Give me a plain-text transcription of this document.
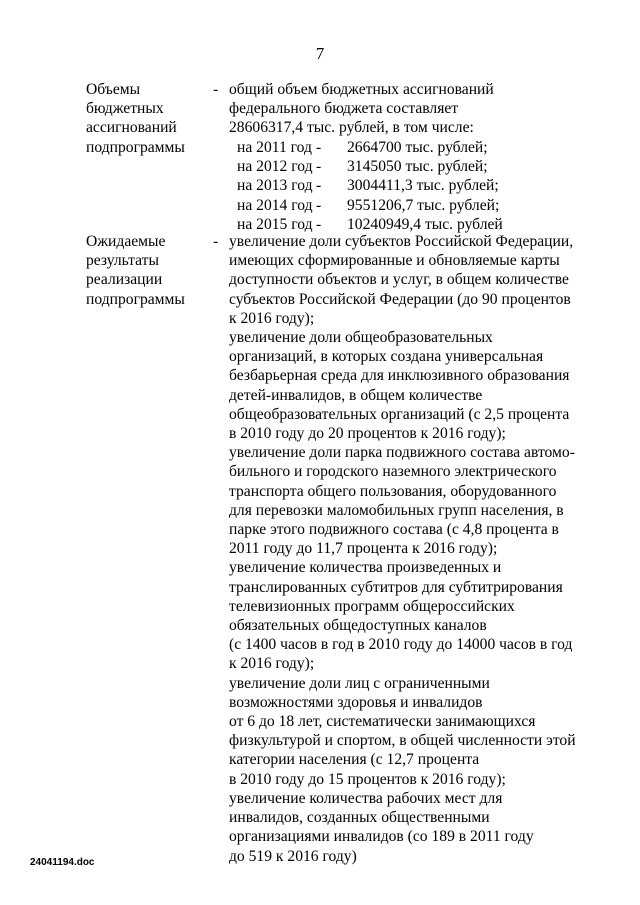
7
Объемы
бюджетных
ассигнований
подпрограммы
- общий объем бюджетных ассигнований
федерального бюджета составляет
28606317,4 тыс. рублей, в том числе:
на 2011 год - 2664700 тыс. рублей;
на 2012 год - 3145050 тыс. рублей;
на 2013 год - 3004411,3 тыс. рублей;
на 2014 год - 9551206,7 тыс. рублей;
на 2015 год - 10240949,4 тыс. рублей
Ожидаемые
результаты
реализации
подпрограммы
- увеличение доли субъектов Российской Федерации,
имеющих сформированные и обновляемые карты
доступности объектов и услуг, в общем количестве
субъектов Российской Федерации (до 90 процентов
к 2016 году);
увеличение доли общеобразовательных
организаций, в которых создана универсальная
безбарьерная среда для инклюзивного образования
детей-инвалидов, в общем количестве
общеобразовательных организаций (с 2,5 процента
в 2010 году до 20 процентов к 2016 году);
увеличение доли парка подвижного состава автомо-
бильного и городского наземного электрического
транспорта общего пользования, оборудованного
для перевозки маломобильных групп населения, в
парке этого подвижного состава (с 4,8 процента в
2011 году до 11,7 процента к 2016 году);
увеличение количества произведенных и
транслированных субтитров для субтитрирования
телевизионных программ общероссийских
обязательных общедоступных каналов
(с 1400 часов в год в 2010 году до 14000 часов в год
к 2016 году);
увеличение доли лиц с ограниченными
возможностями здоровья и инвалидов
от 6 до 18 лет, систематически занимающихся
физкультурой и спортом, в общей численности этой
категории населения (с 12,7 процента
в 2010 году до 15 процентов к 2016 году);
увеличение количества рабочих мест для
инвалидов, созданных общественными
организациями инвалидов (со 189 в 2011 году
до 519 к 2016 году)
24041194.doc
